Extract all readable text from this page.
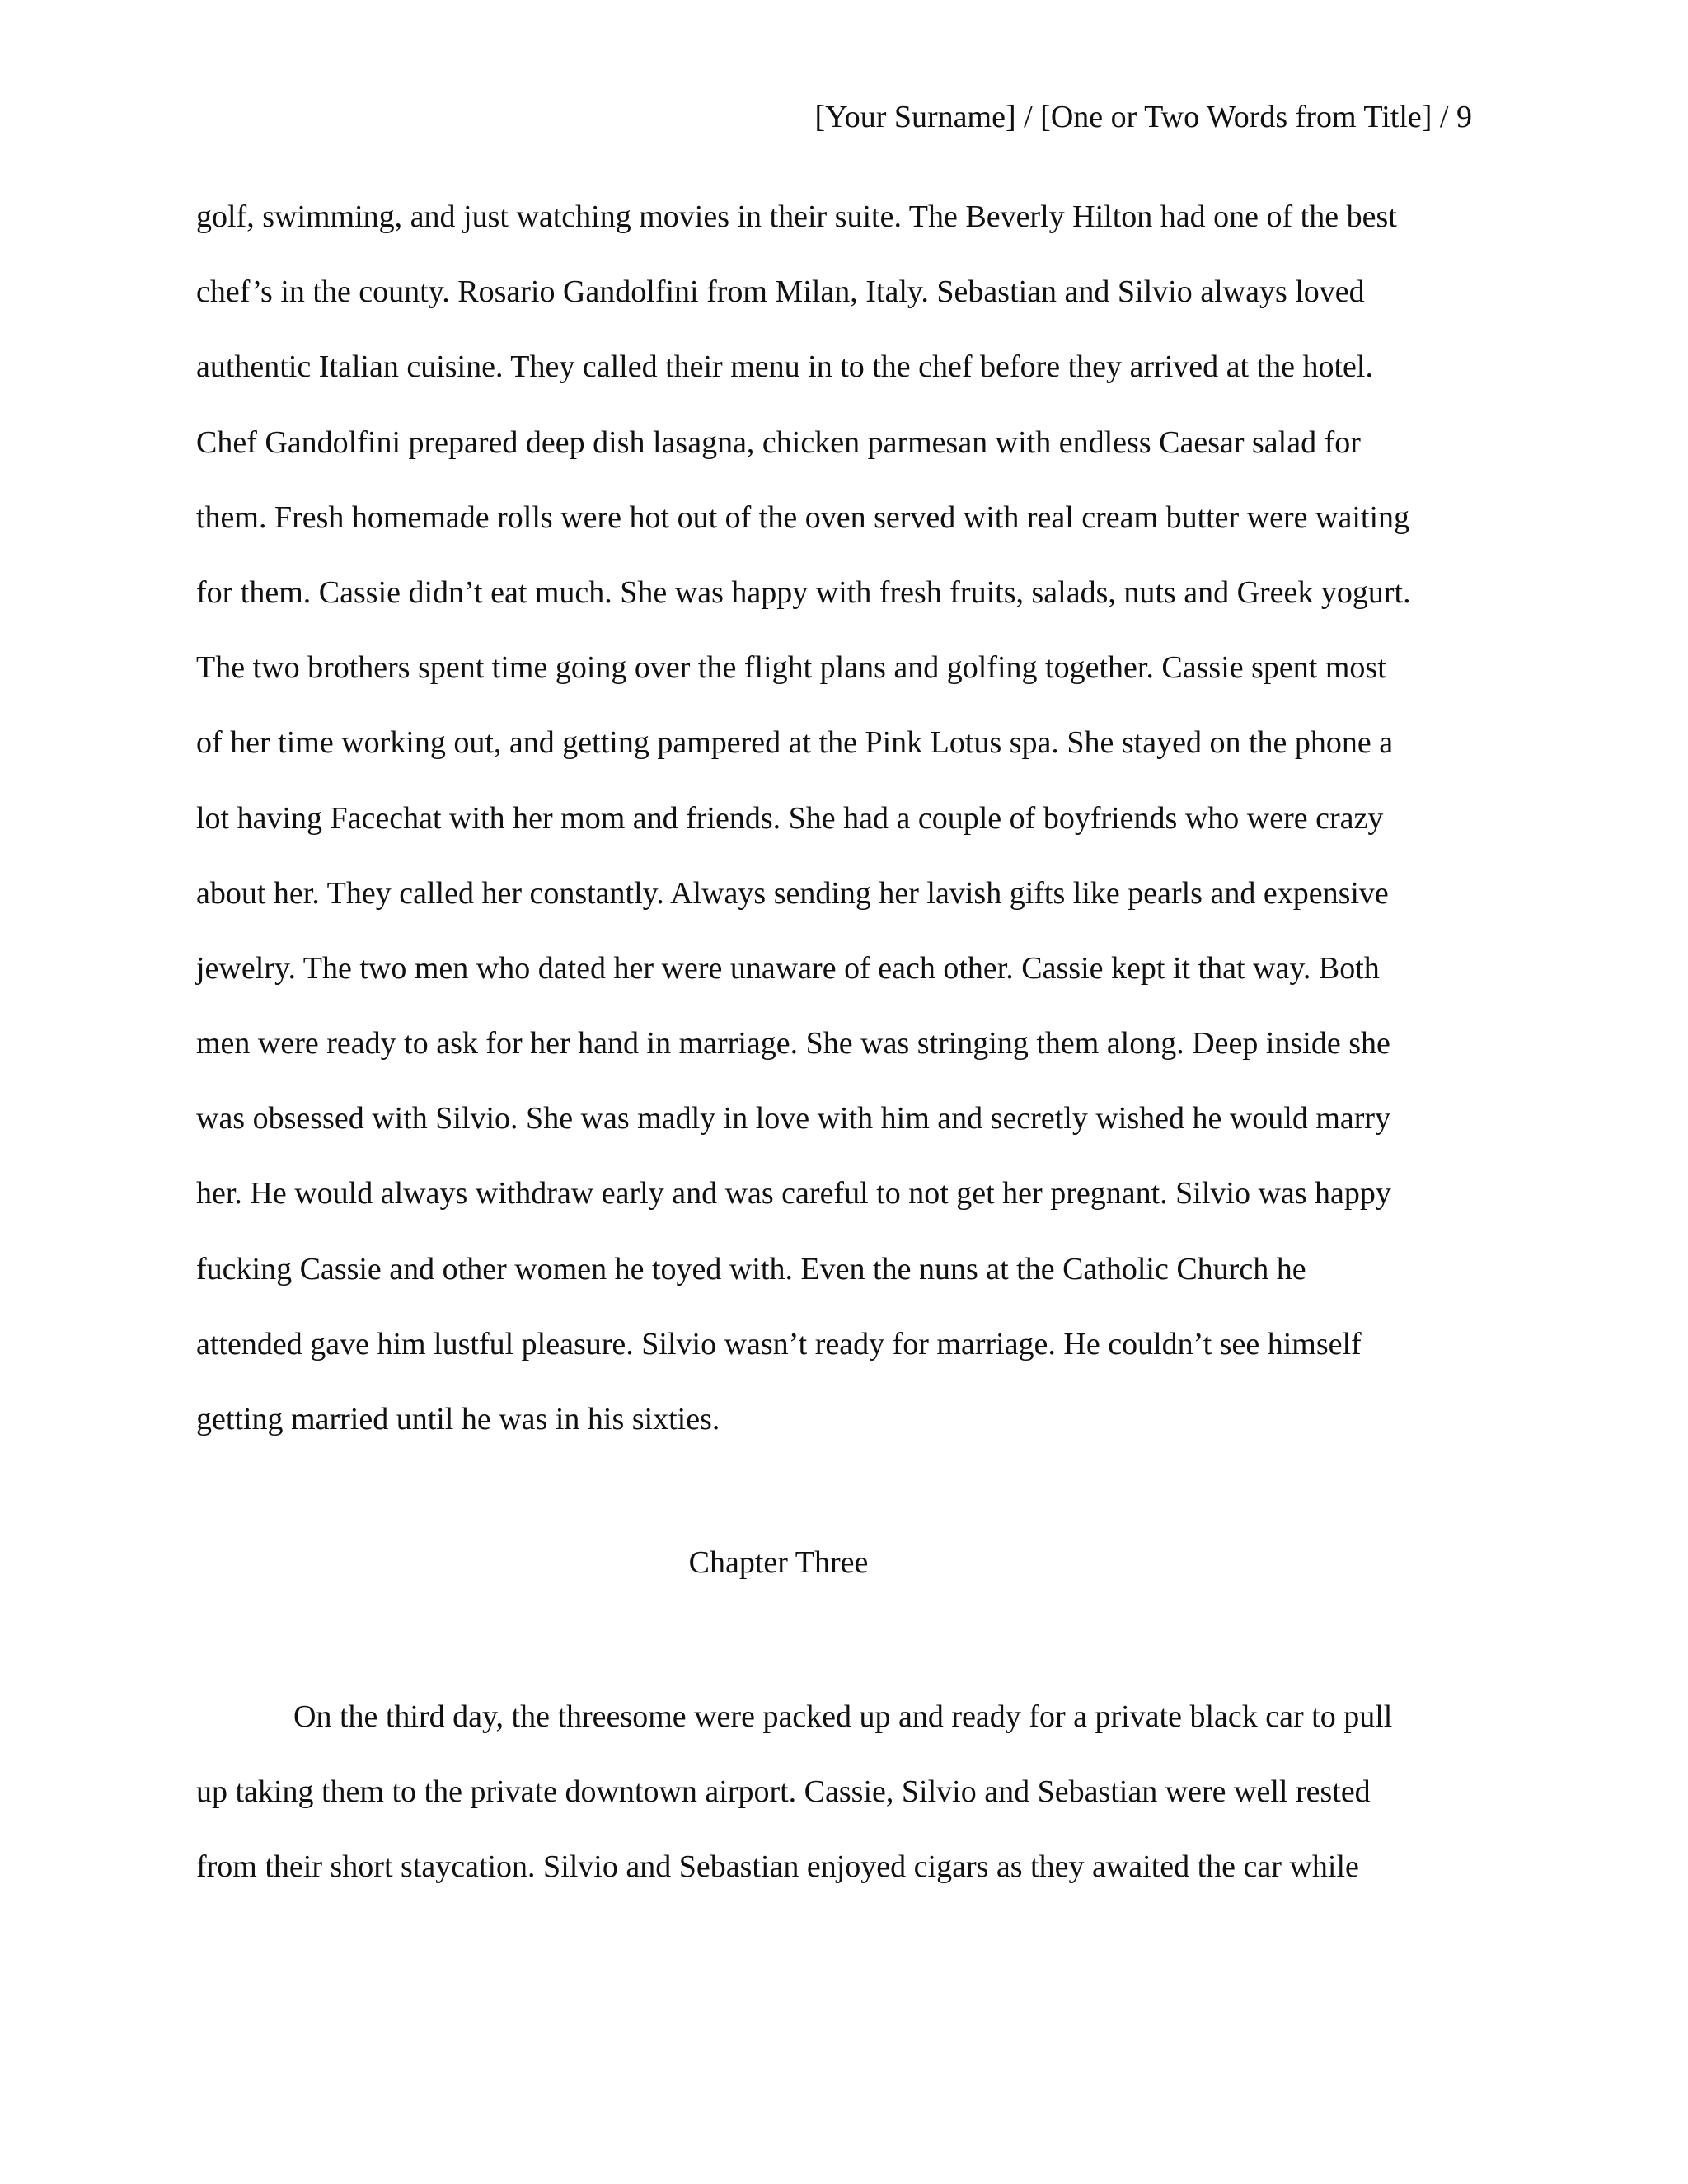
[Your Surname] / [One or Two Words from Title] / 9

golf, swimming, and just watching movies in their suite. The Beverly Hilton had one of the best
chef’s in the county. Rosario Gandolfini from Milan, Italy. Sebastian and Silvio always loved
authentic Italian cuisine. They called their menu in to the chef before they arrived at the hotel.
Chef Gandolfini prepared deep dish lasagna, chicken parmesan with endless Caesar salad for
them. Fresh homemade rolls were hot out of the oven served with real cream butter were waiting
for them. Cassie didn’t eat much. She was happy with fresh fruits, salads, nuts and Greek yogurt.
The two brothers spent time going over the flight plans and golfing together. Cassie spent most
of her time working out, and getting pampered at the Pink Lotus spa. She stayed on the phone a
lot having Facechat with her mom and friends. She had a couple of boyfriends who were crazy
about her. They called her constantly. Always sending her lavish gifts like pearls and expensive
jewelry. The two men who dated her were unaware of each other. Cassie kept it that way. Both
men were ready to ask for her hand in marriage. She was stringing them along. Deep inside she
was obsessed with Silvio. She was madly in love with him and secretly wished he would marry
her. He would always withdraw early and was careful to not get her pregnant. Silvio was happy
fucking Cassie and other women he toyed with. Even the nuns at the Catholic Church he
attended gave him lustful pleasure. Silvio wasn’t ready for marriage. He couldn’t see himself
getting married until he was in his sixties.

Chapter Three

On the third day, the threesome were packed up and ready for a private black car to pull
up taking them to the private downtown airport. Cassie, Silvio and Sebastian were well rested
from their short staycation. Silvio and Sebastian enjoyed cigars as they awaited the car while
